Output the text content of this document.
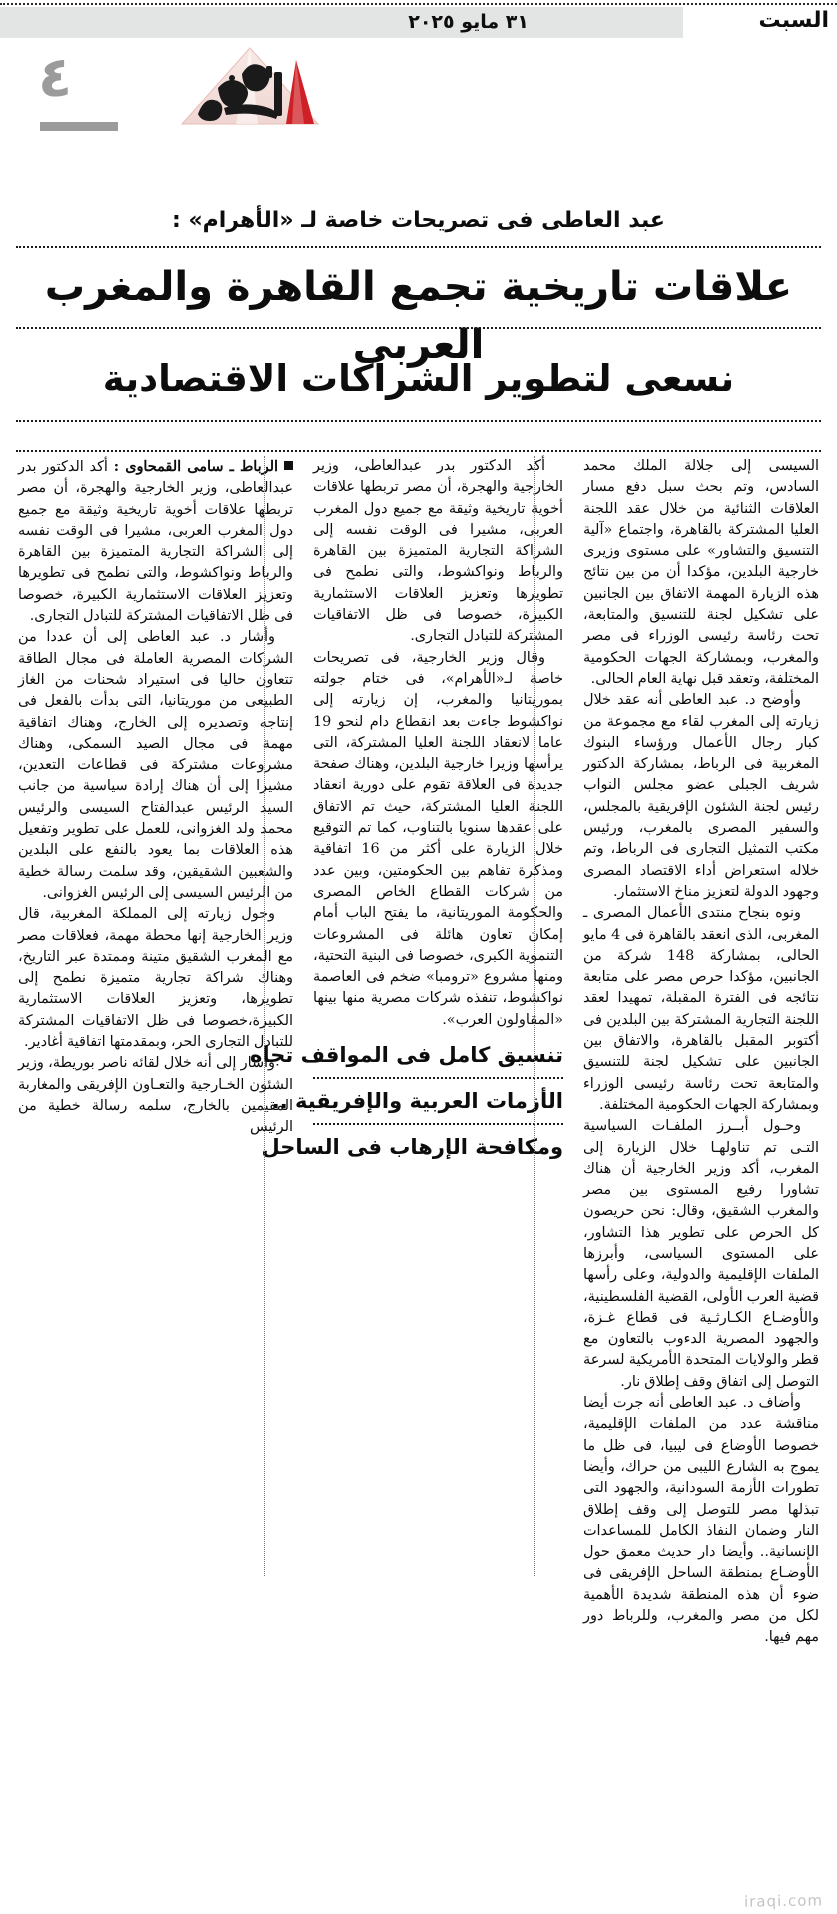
السبت
٣١ مايو ٢٠٢٥
٤
عبد العاطى فى تصريحات خاصة لـ «الأهرام» :
علاقات تاريخية تجمع القاهرة والمغرب العربى
نسعى لتطوير الشراكات الاقتصادية

السيسى إلى جلالة الملك محمد السادس، وتم بحث سبل دفع مسار العلاقات الثنائية من خلال عقد اللجنة العليا المشتركة بالقاهرة، واجتماع «آلية التنسيق والتشاور» على مستوى وزيرى خارجية البلدين، مؤكدا أن من بين نتائج هذه الزيارة المهمة الاتفاق بين الجانبين على تشكيل لجنة للتنسيق والمتابعة، تحت رئاسة رئيسى الوزراء فى مصر والمغرب، وبمشاركة الجهات الحكومية المختلفة، وتعقد قبل نهاية العام الحالى.

وأوضح د. عبد العاطى أنه عقد خلال زيارته إلى المغرب لقاء مع مجموعة من كبار رجال الأعمال ورؤساء البنوك المغربية فى الرباط، بمشاركة الدكتور شريف الجبلى عضو مجلس النواب رئيس لجنة الشئون الإفريقية بالمجلس، والسفير المصرى بالمغرب، ورئيس مكتب التمثيل التجارى فى الرباط، وتم خلاله استعراض أداء الاقتصاد المصرى وجهود الدولة لتعزيز مناخ الاستثمار.

ونوه بنجاح منتدى الأعمال المصرى ـ المغربى، الذى انعقد بالقاهرة فى 4 مايو الحالى، بمشاركة 148 شركة من الجانبين، مؤكدا حرص مصر على متابعة نتائجه فى الفترة المقبلة، تمهيدا لعقد اللجنة التجارية المشتركة بين البلدين فى أكتوبر المقبل بالقاهرة، والاتفاق بين الجانبين على تشكيل لجنة للتنسيق والمتابعة تحت رئاسة رئيسى الوزراء وبمشاركة الجهات الحكومية المختلفة.

وحـول أبــرز الملفـات السياسية التـى تم تناولهـا خلال الزيارة إلى المغرب، أكد وزير الخارجية أن هناك تشاورا رفيع المستوى بين مصر والمغرب الشقيق، وقال: نحن حريصون كل الحرص على تطوير هذا التشاور، على المستوى السياسى، وأبرزها الملفات الإقليمية والدولية، وعلى رأسها قضية العرب الأولى، القضية الفلسطينية، والأوضـاع الكـارثـية فى قطاع غـزة، والجهود المصرية الدءوب بالتعاون مع قطر والولايات المتحدة الأمريكية لسرعة التوصل إلى اتفاق وقف إطلاق نار.

وأضاف د. عبد العاطى أنه جرت أيضا مناقشة عدد من الملفات الإقليمية، خصوصا الأوضاع فى ليبيا، فى ظل ما يموج به الشارع الليبى من حراك، وأيضا تطورات الأزمة السودانية، والجهود التى تبذلها مصر للتوصل إلى وقف إطلاق النار وضمان النفاذ الكامل للمساعدات الإنسانية.. وأيضا دار حديث معمق حول الأوضـاع بمنطقة الساحل الإفريقى فى ضوء أن هذه المنطقة شديدة الأهمية لكل من مصر والمغرب، وللرباط دور مهم فيها.

أكد الدكتور بدر عبدالعاطى، وزير الخارجية والهجرة، أن مصر تربطها علاقات أخوية تاريخية وثيقة مع جميع دول المغرب العربى، مشيرا فى الوقت نفسه إلى الشراكة التجارية المتميزة بين القاهرة والرباط ونواكشوط، والتى نطمح فى تطويرها وتعزيز العلاقات الاستثمارية الكبيرة، خصوصا فى ظل الاتفاقيات المشتركة للتبادل التجارى.

وقال وزير الخارجية، فى تصريحات خاصة لـ«الأهرام»، فى ختام جولته بموريتانيا والمغرب، إن زيارته إلى نواكشوط جاءت بعد انقطاع دام لنحو 19 عاما لانعقاد اللجنة العليا المشتركة، التى يرأسها وزيرا خارجية البلدين، وهناك صفحة جديدة فى العلاقة تقوم على دورية انعقاد اللجنة العليا المشتركة، حيث تم الاتفاق على عقدها سنويا بالتناوب، كما تم التوقيع خلال الزيارة على أكثر من 16 اتفاقية ومذكرة تفاهم بين الحكومتين، وبين عدد من شركات القطاع الخاص المصرى والحكومة الموريتانية، ما يفتح الباب أمام إمكان تعاون هائلة فى المشروعات التنموية الكبرى، خصوصا فى البنية التحتية، ومنها مشروع «ترومبا» ضخم فى العاصمة نواكشوط، تنفذه شركات مصرية منها بينها «المقاولون العرب».

تنسيق كامل فى المواقف تجاه
الأزمات العربية والإفريقية ..
ومكافحة الإرهاب فى الساحل

الرباط ـ سامى القمحاوى : أكد الدكتور بدر عبدالعاطى، وزير الخارجية والهجرة، أن مصر تربطها علاقات أخوية تاريخية وثيقة مع جميع دول المغرب العربى، مشيرا فى الوقت نفسه إلى الشراكة التجارية المتميزة بين القاهرة والرباط ونواكشوط، والتى نطمح فى تطويرها وتعزيز العلاقات الاستثمارية الكبيرة، خصوصا فى ظل الاتفاقيات المشتركة للتبادل التجارى.

وأشار د. عبد العاطى إلى أن عددا من الشركات المصرية العاملة فى مجال الطاقة تتعاون حاليا فى استيراد شحنات من الغاز الطبيعى من موريتانيا، التى بدأت بالفعل فى إنتاجه وتصديره إلى الخارج، وهناك اتفاقية مهمة فى مجال الصيد السمكى، وهناك مشروعات مشتركة فى قطاعات التعدين، مشيرا إلى أن هناك إرادة سياسية من جانب السيد الرئيس عبدالفتاح السيسى والرئيس محمد ولد الغزوانى، للعمل على تطوير وتفعيل هذه العلاقات بما يعود بالنفع على البلدين والشعبين الشقيقين، وقد سلمت رسالة خطية من الرئيس السيسى إلى الرئيس الغزوانى.

وحول زيارته إلى المملكة المغربية، قال وزير الخارجية إنها محطة مهمة، فعلاقات مصر مع المغرب الشقيق متينة وممتدة عبر التاريخ، وهناك شراكة تجارية متميزة نطمح إلى تطويرها، وتعزيز العلاقات الاستثمارية الكبيرة،خصوصا فى ظل الاتفاقيات المشتركة للتبادل التجارى الحر، وبمقدمتها اتفاقية أغادير.

وأشار إلى أنه خلال لقائه ناصر بوريطة، وزير الشئون الخـارجية والتعـاون الإفريقى والمغاربة المقيمين بالخارج، سلمه رسالة خطية من الرئيس

iraqi.com
